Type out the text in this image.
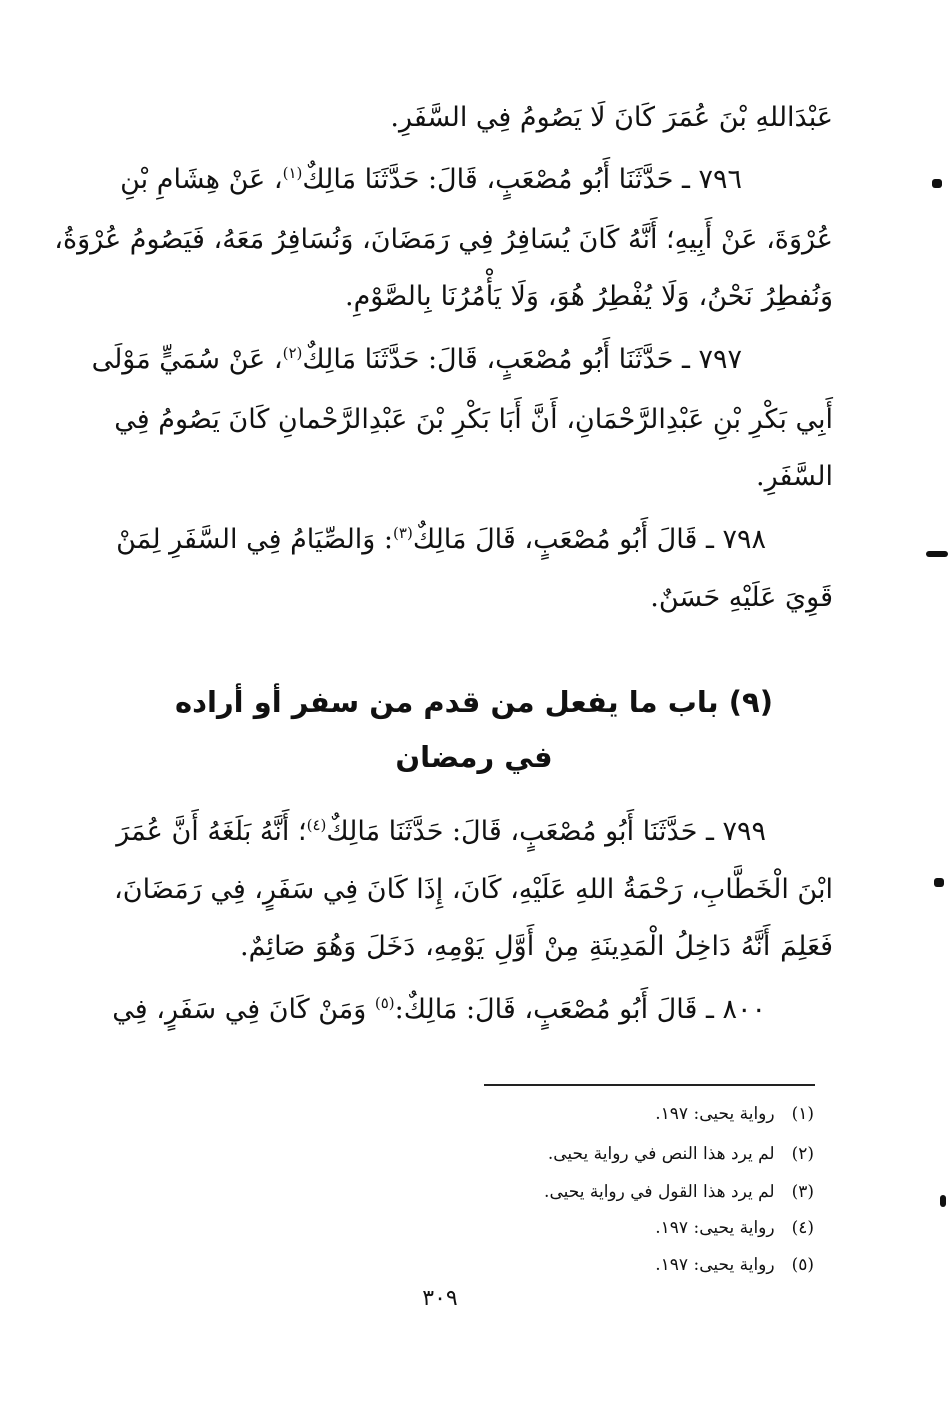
عَبْدَاللهِ بْنَ عُمَرَ كَانَ لَا يَصُومُ فِي السَّفَرِ.
٧٩٦ ـ حَدَّثَنَا أَبُو مُصْعَبٍ، قَالَ: حَدَّثَنَا مَالِكٌ$^{(١)}$، عَنْ هِشَامِ بْنِ
عُرْوَةَ، عَنْ أَبِيهِ؛ أَنَّهُ كَانَ يُسَافِرُ فِي رَمَضَانَ، وَنُسَافِرُ مَعَهُ، فَيَصُومُ عُرْوَةُ،
وَنُفطِرُ نَحْنُ، وَلَا يُفْطِرُ هُوَ، وَلَا يَأْمُرُنَا بِالصَّوْمِ.
٧٩٧ ـ حَدَّثَنَا أَبُو مُصْعَبٍ، قَالَ: حَدَّثَنَا مَالِكٌ$^{(٢)}$، عَنْ سُمَيٍّ مَوْلَى
أَبِي بَكْرِ بْنِ عَبْدِالرَّحْمَانِ، أَنَّ أَبَا بَكْرِ بْنَ عَبْدِالرَّحْمانِ كَانَ يَصُومُ فِي
السَّفَرِ.
٧٩٨ ـ قَالَ أَبُو مُصْعَبٍ، قَالَ مَالِكٌ$^{(٣)}$: وَالصِّيَامُ فِي السَّفَرِ لِمَنْ
قَوِيَ عَلَيْهِ حَسَنٌ.
(٩) باب ما يفعل من قدم من سفر أو أراده
في رمضان
٧٩٩ ـ حَدَّثَنَا أَبُو مُصْعَبٍ، قَالَ: حَدَّثَنَا مَالِكٌ$^{(٤)}$؛ أَنَّهُ بَلَغَهُ أَنَّ عُمَرَ
ابْنَ الْخَطَّابِ، رَحْمَةُ اللهِ عَلَيْهِ، كَانَ، إِذَا كَانَ فِي سَفَرٍ، فِي رَمَضَانَ،
فَعَلِمَ أَنَّهُ دَاخِلُ الْمَدِينَةِ مِنْ أَوَّلِ يَوْمِهِ، دَخَلَ وَهُوَ صَائِمٌ.
٨٠٠ ـ قَالَ أَبُو مُصْعَبٍ، قَالَ: مَالِكٌ:$^{(٥)}$ وَمَنْ كَانَ فِي سَفَرٍ، فِي
(١) رواية يحيى: ١٩٧.
(٢) لم يرد هذا النص في رواية يحيى.
(٣) لم يرد هذا القول في رواية يحيى.
(٤) رواية يحيى: ١٩٧.
(٥) رواية يحيى: ١٩٧.
٣٠٩
